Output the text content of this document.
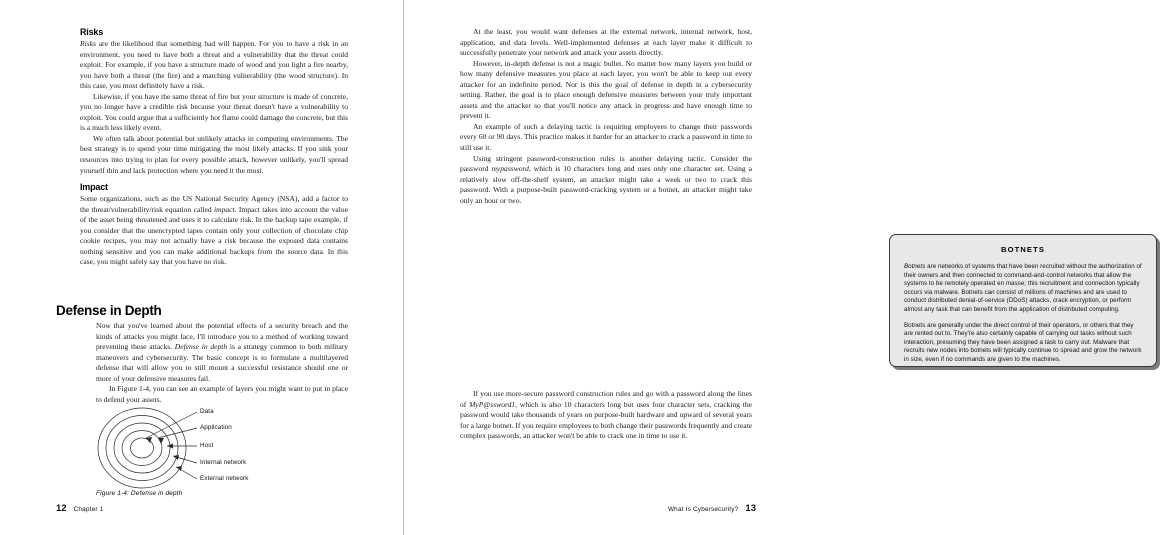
Risks

Risks are the likelihood that something bad will happen. For you to have a risk in an environment, you need to have both a threat and a vulnerability that the threat could exploit. For example, if you have a structure made of wood and you light a fire nearby, you have both a threat (the fire) and a matching vulnerability (the wood structure). In this case, you most definitely have a risk.

Likewise, if you have the same threat of fire but your structure is made of concrete, you no longer have a credible risk because your threat doesn't have a vulnerability to exploit. You could argue that a sufficiently hot flame could damage the concrete, but this is a much less likely event.

We often talk about potential but unlikely attacks in computing environments. The best strategy is to spend your time mitigating the most likely attacks. If you sink your resources into trying to plan for every possible attack, however unlikely, you'll spread yourself thin and lack protection where you need it the most.

Impact

Some organizations, such as the US National Security Agency (NSA), add a factor to the threat/vulnerability/risk equation called impact. Impact takes into account the value of the asset being threatened and uses it to calculate risk. In the backup tape example, if you consider that the unencrypted tapes contain only your collection of chocolate chip cookie recipes, you may not actually have a risk because the exposed data contains nothing sensitive and you can make additional backups from the source data. In this case, you might safely say that you have no risk.

Defense in Depth

Now that you've learned about the potential effects of a security breach and the kinds of attacks you might face, I'll introduce you to a method of working toward preventing these attacks. Defense in depth is a strategy common to both military maneuvers and cybersecurity. The basic concept is to formulate a multilayered defense that will allow you to still mount a successful resistance should one or more of your defensive measures fail.

In Figure 1-4, you can see an example of layers you might want to put in place to defend your assets.

Data
Application
Host
Internal network
External network
Figure 1-4: Defense in depth
12 Chapter 1

At the least, you would want defenses at the external network, internal network, host, application, and data levels. Well-implemented defenses at each layer make it difficult to successfully penetrate your network and attack your assets directly.

However, in-depth defense is not a magic bullet. No matter how many layers you build or how many defensive measures you place at each layer, you won't be able to keep out every attacker for an indefinite period. Nor is this the goal of defense in depth in a cybersecurity setting. Rather, the goal is to place enough defensive measures between your truly important assets and the attacker so that you'll notice any attack in progress and have enough time to prevent it.

An example of such a delaying tactic is requiring employees to change their passwords every 60 or 90 days. This practice makes it harder for an attacker to crack a password in time to still use it.

Using stringent password-construction rules is another delaying tactic. Consider the password mypassword, which is 10 characters long and uses only one character set. Using a relatively slow off-the-shelf system, an attacker might take a week or two to crack this password. With a purpose-built password-cracking system or a botnet, an attacker might take only an hour or two.

BOTNETS

Botnets are networks of systems that have been recruited without the authorization of their owners and then connected to command-and-control networks that allow the systems to be remotely operated en masse; this recruitment and connection typically occurs via malware. Botnets can consist of millions of machines and are used to conduct distributed denial-of-service (DDoS) attacks, crack encryption, or perform almost any task that can benefit from the application of distributed computing.

Botnets are generally under the direct control of their operators, or others that they are rented out to. They're also certainly capable of carrying out tasks without such interaction, presuming they have been assigned a task to carry out. Malware that recruits new nodes into botnets will typically continue to spread and grow the network in size, even if no commands are given to the machines.

If you use more-secure password construction rules and go with a password along the lines of MyP@ssword1, which is also 10 characters long but uses four character sets, cracking the password would take thousands of years on purpose-built hardware and upward of several years for a large botnet. If you require employees to both change their passwords frequently and create complex passwords, an attacker won't be able to crack one in time to use it.

What Is Cybersecurity? 13
